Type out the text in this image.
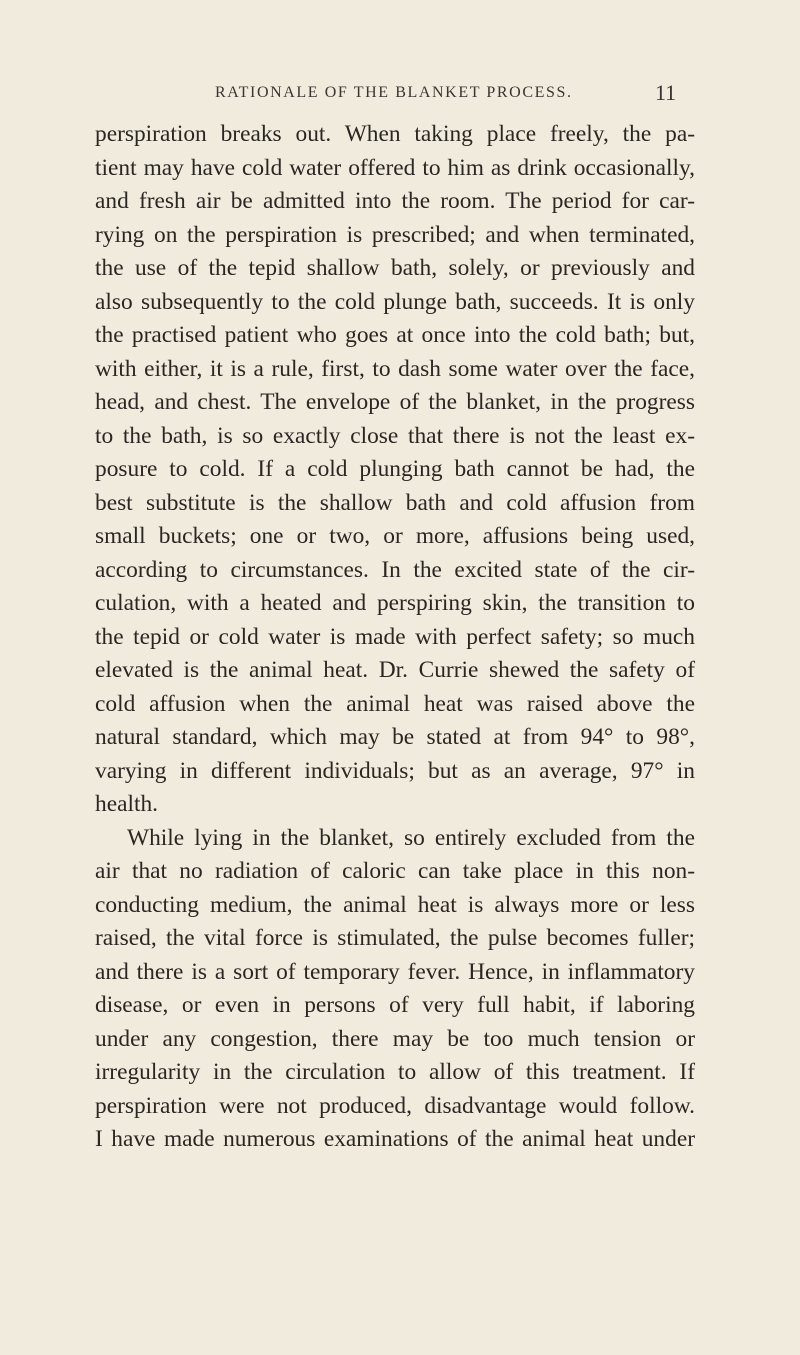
RATIONALE OF THE BLANKET PROCESS.	11
perspiration breaks out. When taking place freely, the pa-
tient may have cold water offered to him as drink occasionally,
and fresh air be admitted into the room. The period for car-
rying on the perspiration is prescribed; and when terminated,
the use of the tepid shallow bath, solely, or previously and
also subsequently to the cold plunge bath, succeeds. It is only
the practised patient who goes at once into the cold bath; but,
with either, it is a rule, first, to dash some water over the face,
head, and chest. The envelope of the blanket, in the progress
to the bath, is so exactly close that there is not the least ex-
posure to cold. If a cold plunging bath cannot be had, the
best substitute is the shallow bath and cold affusion from
small buckets; one or two, or more, affusions being used,
according to circumstances. In the excited state of the cir-
culation, with a heated and perspiring skin, the transition to
the tepid or cold water is made with perfect safety; so much
elevated is the animal heat. Dr. Currie shewed the safety of
cold affusion when the animal heat was raised above the
natural standard, which may be stated at from 94° to 98°,
varying in different individuals; but as an average, 97° in
health.
While lying in the blanket, so entirely excluded from the
air that no radiation of caloric can take place in this non-
conducting medium, the animal heat is always more or less
raised, the vital force is stimulated, the pulse becomes fuller;
and there is a sort of temporary fever. Hence, in inflammatory
disease, or even in persons of very full habit, if laboring
under any congestion, there may be too much tension or
irregularity in the circulation to allow of this treatment. If
perspiration were not produced, disadvantage would follow.
I have made numerous examinations of the animal heat under
